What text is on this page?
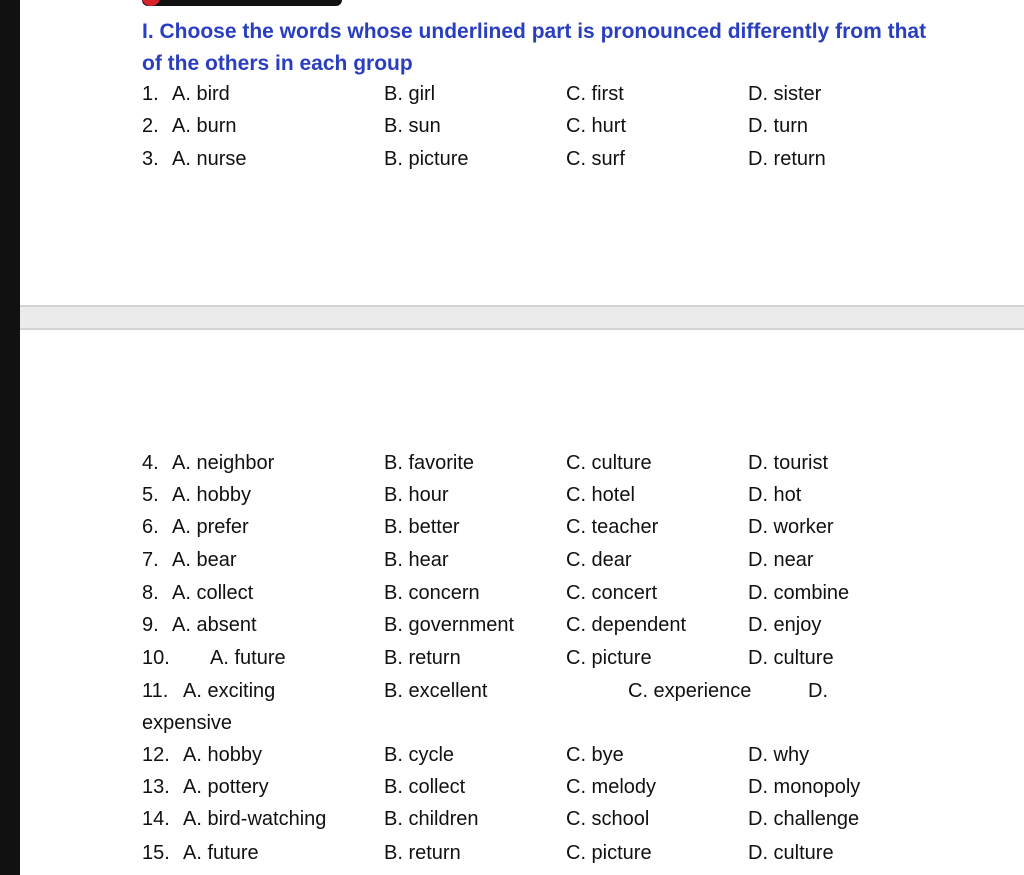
I. Choose the words whose underlined part is pronounced differently from that of the others in each group
1. A. bird	B. girl	C. first	D. sister
2. A. burn	B. sun	C. hurt	D. turn
3. A. nurse	B. picture	C. surf	D. return
4. A. neighbor	B. favorite	C. culture	D. tourist
5. A. hobby	B. hour	C. hotel	D. hot
6. A. prefer	B. better	C. teacher	D. worker
7. A. bear	B. hear	C. dear	D. near
8. A. collect	B. concern	C. concert	D. combine
9. A. absent	B. government	C. dependent	D. enjoy
10. A. future	B. return	C. picture	D. culture
11. A. exciting	B. excellent	C. experience	D.
expensive
12. A. hobby	B. cycle	C. bye	D. why
13. A. pottery	B. collect	C. melody	D. monopoly
14. A. bird-watching	B. children	C. school	D. challenge
15. A. future	B. return	C. picture	D. culture
